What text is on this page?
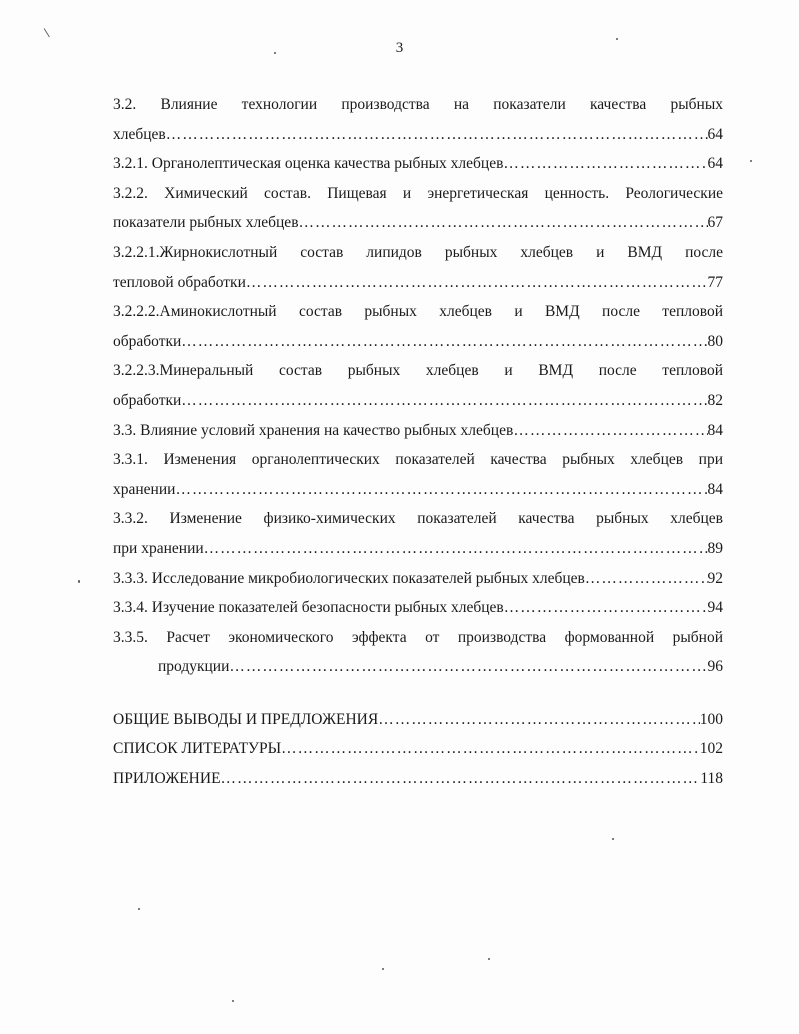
3
3.2. Влияние технологии производства на показатели качества рыбных
хлебцев ……………………………………………………………………………………………………………………………………………………………………………………	64
3.2.1. Органолептическая оценка качества рыбных хлебцев ……………………………………………………………………………………………………………………………………………………………………………………	64
3.2.2. Химический состав. Пищевая и энергетическая ценность. Реологические
показатели рыбных хлебцев ……………………………………………………………………………………………………………………………………………………………………………………	67
3.2.2.1.Жирнокислотный состав липидов рыбных хлебцев и ВМД после
тепловой обработки ……………………………………………………………………………………………………………………………………………………………………………………	77
3.2.2.2.Аминокислотный состав рыбных хлебцев и ВМД после тепловой
обработки ……………………………………………………………………………………………………………………………………………………………………………………	80
3.2.2.3.Минеральный состав рыбных хлебцев и ВМД после тепловой
обработки ……………………………………………………………………………………………………………………………………………………………………………………	82
3.3. Влияние условий хранения на качество рыбных хлебцев ……………………………………………………………………………………………………………………………………………………………………………………	84
3.3.1. Изменения органолептических показателей качества рыбных хлебцев при
хранении ……………………………………………………………………………………………………………………………………………………………………………………	84
3.3.2. Изменение физико-химических показателей качества рыбных хлебцев
при хранении ……………………………………………………………………………………………………………………………………………………………………………………	89
3.3.3. Исследование микробиологических показателей рыбных хлебцев ……………………………………………………………………………………………………………………………………………………………………………………	92
3.3.4. Изучение показателей безопасности рыбных хлебцев ……………………………………………………………………………………………………………………………………………………………………………………	94
3.3.5. Расчет экономического эффекта от производства формованной рыбной
продукции ……………………………………………………………………………………………………………………………………………………………………………………	96
ОБЩИЕ ВЫВОДЫ И ПРЕДЛОЖЕНИЯ ……………………………………………………………………………………………………………………………………………………………………………………	100
СПИСОК ЛИТЕРАТУРЫ ……………………………………………………………………………………………………………………………………………………………………………………	102
ПРИЛОЖЕНИЕ ……………………………………………………………………………………………………………………………………………………………………………………	118
